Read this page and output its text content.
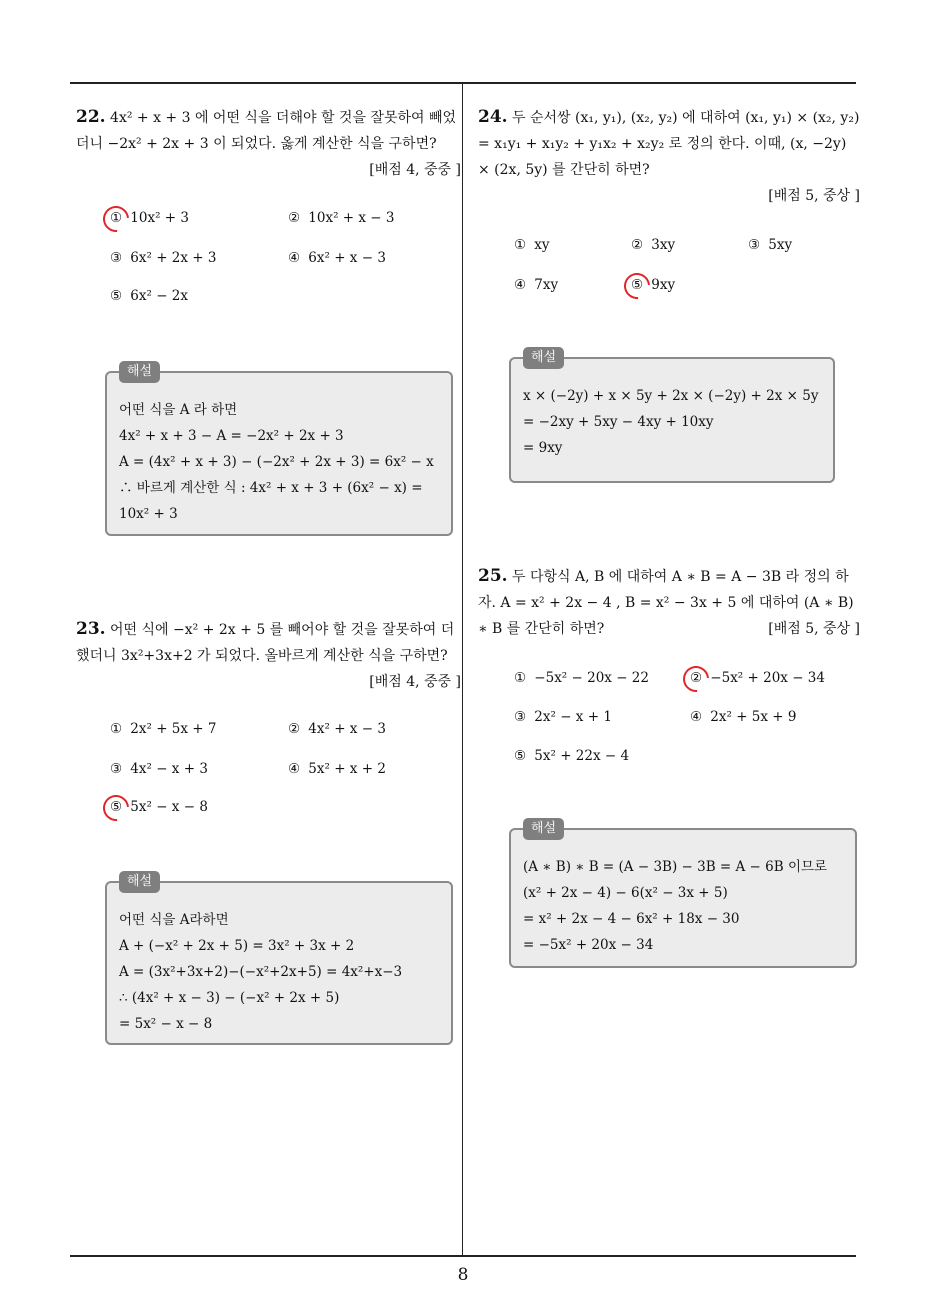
22. 4x² + x + 3 에 어떤 식을 더해야 할 것을 잘못하여 빼었더니 −2x² + 2x + 3 이 되었다. 옳게 계산한 식을 구하면?
[배점 4, 중중 ]
① 10x² + 3	② 10x² + x − 3
③ 6x² + 2x + 3	④ 6x² + x − 3
⑤ 6x² − 2x
해설
어떤 식을 A 라 하면
4x² + x + 3 − A = −2x² + 2x + 3
A = (4x² + x + 3) − (−2x² + 2x + 3) = 6x² − x
∴ 바르게 계산한 식 : 4x² + x + 3 + (6x² − x) =
10x² + 3
23. 어떤 식에 −x² + 2x + 5 를 빼어야 할 것을 잘못하여 더했더니 3x²+3x+2 가 되었다. 올바르게 계산한 식을 구하면?
[배점 4, 중중 ]
① 2x² + 5x + 7	② 4x² + x − 3
③ 4x² − x + 3	④ 5x² + x + 2
⑤ 5x² − x − 8
해설
어떤 식을 A라하면
A + (−x² + 2x + 5) = 3x² + 3x + 2
A = (3x²+3x+2)−(−x²+2x+5) = 4x²+x−3
∴ (4x² + x − 3) − (−x² + 2x + 5)
= 5x² − x − 8
24. 두 순서쌍 (x₁, y₁), (x₂, y₂) 에 대하여 (x₁, y₁) × (x₂, y₂) = x₁y₁ + x₁y₂ + y₁x₂ + x₂y₂ 로 정의 한다. 이때, (x, −2y) × (2x, 5y) 를 간단히 하면?
[배점 5, 중상 ]
① xy	② 3xy	③ 5xy
④ 7xy	⑤ 9xy
해설
x × (−2y) + x × 5y + 2x × (−2y) + 2x × 5y
= −2xy + 5xy − 4xy + 10xy
= 9xy
25. 두 다항식 A, B 에 대하여 A ∗ B = A − 3B 라 정의 하자. A = x² + 2x − 4 , B = x² − 3x + 5 에 대하여 (A ∗ B) ∗ B 를 간단히 하면?	[배점 5, 중상 ]
① −5x² − 20x − 22	② −5x² + 20x − 34
③ 2x² − x + 1	④ 2x² + 5x + 9
⑤ 5x² + 22x − 4
해설
(A ∗ B) ∗ B = (A − 3B) − 3B = A − 6B 이므로
(x² + 2x − 4) − 6(x² − 3x + 5)
= x² + 2x − 4 − 6x² + 18x − 30
= −5x² + 20x − 34
8
